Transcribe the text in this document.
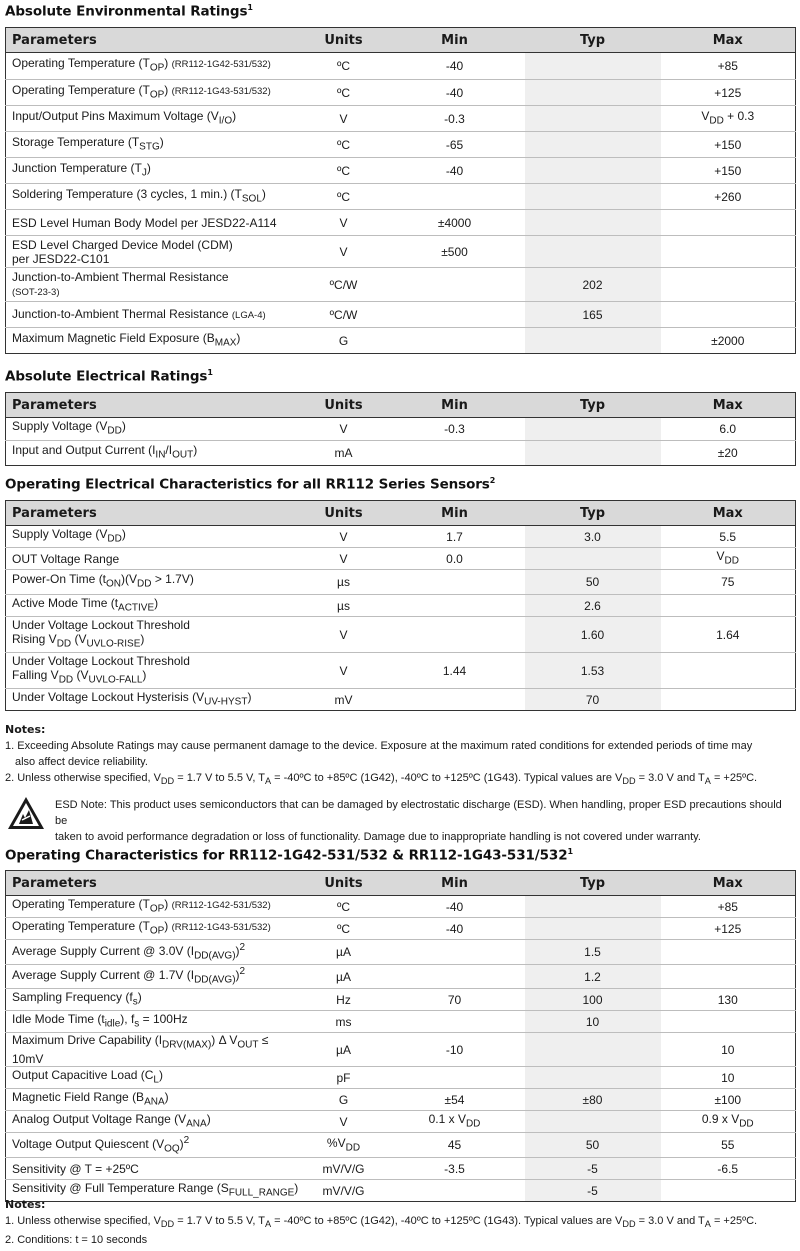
Absolute Environmental Ratings$^1$
Parameters	Units	Min	Typ	Max
Operating Temperature $(T_{OP})$ (RR112-1G42-531/532)	ºC	-40		+85
Operating Temperature $(T_{OP})$ (RR112-1G43-531/532)	ºC	-40		+125
Input/Output Pins Maximum Voltage $(V_{I/O})$	V	-0.3		$V_{DD} + 0.3$
Storage Temperature $(T_{STG})$	ºC	-65		+150
Junction Temperature $(T_J)$	ºC	-40		+150
Soldering Temperature (3 cycles, 1 min.) $(T_{SOL})$	ºC			+260
ESD Level Human Body Model per JESD22-A114	V	±4000		
ESD Level Charged Device Model (CDM)
per JESD22-C101	V	±500		
Junction-to-Ambient Thermal Resistance
(SOT-23-3)	ºC/W		202	
Junction-to-Ambient Thermal Resistance (LGA-4)	ºC/W		165	
Maximum Magnetic Field Exposure $(B_{MAX})$	G			±2000
Absolute Electrical Ratings$^1$
Parameters	Units	Min	Typ	Max
Supply Voltage $(V_{DD})$	V	-0.3		6.0
Input and Output Current $(I_{IN}/I_{OUT})$	mA			±20
Operating Electrical Characteristics for all RR112 Series Sensors$^2$
Parameters	Units	Min	Typ	Max
Supply Voltage $(V_{DD})$	V	1.7	3.0	5.5
OUT Voltage Range	V	0.0		$V_{DD}$
Power-On Time $(t_{ON})(V_{DD} > 1.7V)$	µs		50	75
Active Mode Time $(t_{ACTIVE})$	µs		2.6	
Under Voltage Lockout Threshold
Rising $V_{DD}$ $(V_{UVLO-RISE})$	V		1.60	1.64
Under Voltage Lockout Threshold
Falling $V_{DD}$ $(V_{UVLO-FALL})$	V	1.44	1.53	
Under Voltage Lockout Hysterisis $(V_{UV-HYST})$	mV		70	
Notes:
1. Exceeding Absolute Ratings may cause permanent damage to the device. Exposure at the maximum rated conditions for extended periods of time may
also affect device reliability.
2. Unless otherwise specified, $V_{DD} = 1.7$ V to 5.5 V, $T_A$ = -40ºC to +85ºC (1G42), -40ºC to +125ºC (1G43). Typical values are $V_{DD} = 3.0$ V and $T_A$ = +25ºC.
ESD Note: This product uses semiconductors that can be damaged by electrostatic discharge (ESD). When handling, proper ESD precautions should be
taken to avoid performance degradation or loss of functionality. Damage due to inappropriate handling is not covered under warranty.
Operating Characteristics for RR112-1G42-531/532 & $RR112-1G43-531/532^1$
Parameters	Units	Min	Typ	Max
Operating Temperature $(T_{OP})$ (RR112-1G42-531/532)	ºC	-40		+85
Operating Temperature $(T_{OP})$ (RR112-1G43-531/532)	ºC	-40		+125
Average Supply Current @ 3.0V $(I_{DD(AVG)})^2$	µA		1.5	
Average Supply Current @ 1.7V $(I_{DD(AVG)})^2$	µA		1.2	
Sampling Frequency $(f_s)$	Hz	70	100	130
Idle Mode Time $(t_{idle})$, $f_s = 100Hz$	ms		10	
Maximum Drive Capability $(I_{DRV(MAX)})$ Δ $V_{OUT} \le 10mV$	µA	-10		10
Output Capacitive Load $(C_L)$	pF			10
Magnetic Field Range $(B_{ANA})$	G	±54	±80	±100
Analog Output Voltage Range $(V_{ANA})$	V	0.1 x $V_{DD}$		0.9 x $V_{DD}$
Voltage Output Quiescent $(V_{OQ})^2$	$\%V_{DD}$	45	50	55
Sensitivity @ T = +25ºC	mV/V/G	-3.5	-5	-6.5
Sensitivity @ Full Temperature Range $(S_{FULL\_RANGE})$	mV/V/G		-5	
Notes:
1. Unless otherwise specified, $V_{DD} = 1.7$ V to 5.5 V, $T_A$ = -40ºC to +85ºC (1G42), -40ºC to +125ºC (1G43). Typical values are $V_{DD} = 3.0$ V and $T_A$ = +25ºC.
2. Conditions: t = 10 seconds
